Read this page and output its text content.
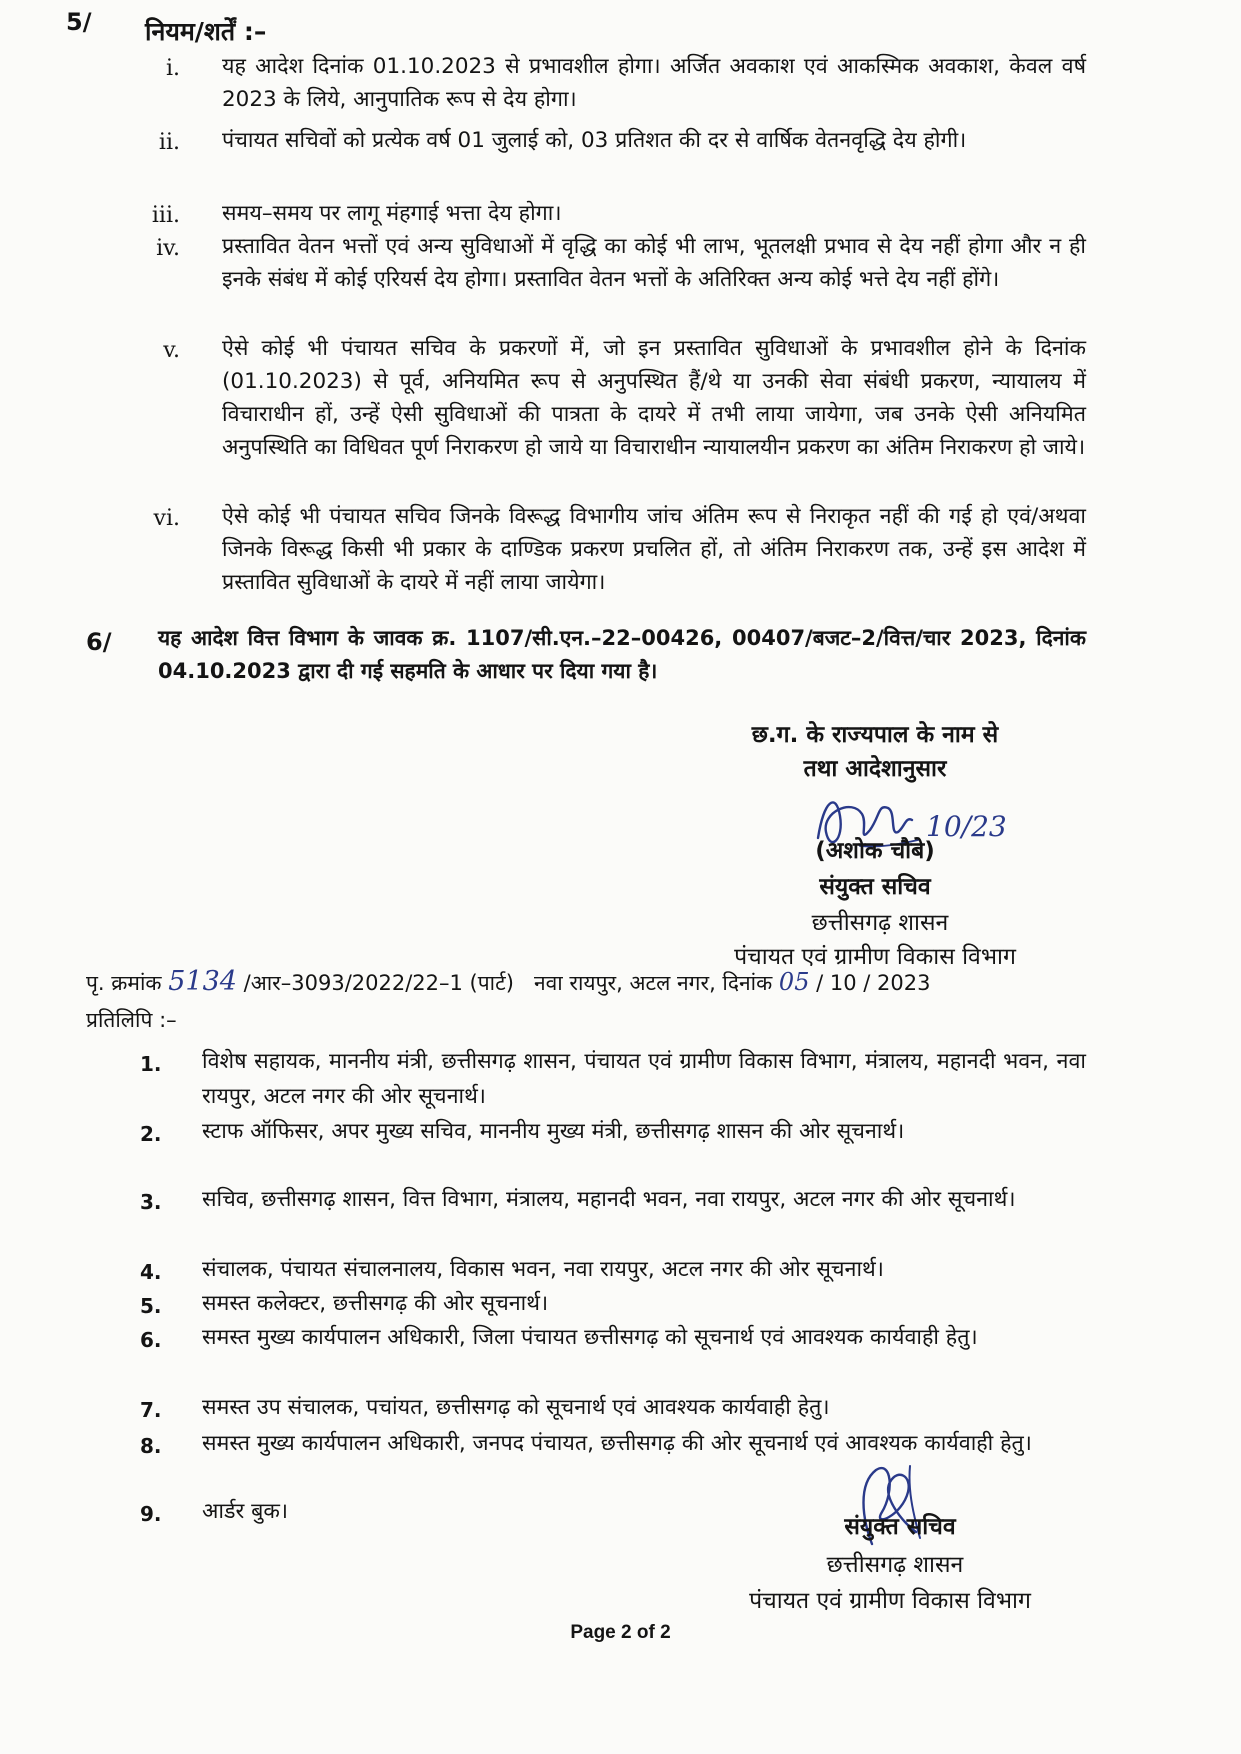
5/ नियम/शर्तें :–
i. यह आदेश दिनांक 01.10.2023 से प्रभावशील होगा। अर्जित अवकाश एवं आकस्मिक अवकाश, केवल वर्ष 2023 के लिये, आनुपातिक रूप से देय होगा।
ii. पंचायत सचिवों को प्रत्येक वर्ष 01 जुलाई को, 03 प्रतिशत की दर से वार्षिक वेतनवृद्धि देय होगी।
iii. समय–समय पर लागू मंहगाई भत्ता देय होगा।
iv. प्रस्तावित वेतन भत्तों एवं अन्य सुविधाओं में वृद्धि का कोई भी लाभ, भूतलक्षी प्रभाव से देय नहीं होगा और न ही इनके संबंध में कोई एरियर्स देय होगा। प्रस्तावित वेतन भत्तों के अतिरिक्त अन्य कोई भत्ते देय नहीं होंगे।
v. ऐसे कोई भी पंचायत सचिव के प्रकरणों में, जो इन प्रस्तावित सुविधाओं के प्रभावशील होने के दिनांक (01.10.2023) से पूर्व, अनियमित रूप से अनुपस्थित हैं/थे या उनकी सेवा संबंधी प्रकरण, न्यायालय में विचाराधीन हों, उन्हें ऐसी सुविधाओं की पात्रता के दायरे में तभी लाया जायेगा, जब उनके ऐसी अनियमित अनुपस्थिति का विधिवत पूर्ण निराकरण हो जाये या विचाराधीन न्यायालयीन प्रकरण का अंतिम निराकरण हो जाये।
vi. ऐसे कोई भी पंचायत सचिव जिनके विरूद्ध विभागीय जांच अंतिम रूप से निराकृत नहीं की गई हो एवं/अथवा जिनके विरूद्ध किसी भी प्रकार के दाण्डिक प्रकरण प्रचलित हों, तो अंतिम निराकरण तक, उन्हें इस आदेश में प्रस्तावित सुविधाओं के दायरे में नहीं लाया जायेगा।
6/ यह आदेश वित्त विभाग के जावक क्र. 1107/सी.एन.–22–00426, 00407/बजट–2/वित्त/चार 2023, दिनांक 04.10.2023 द्वारा दी गई सहमति के आधार पर दिया गया है।
छ.ग. के राज्यपाल के नाम से
तथा आदेशानुसार
10/23
(अशोक चौबे)
संयुक्त सचिव
छत्तीसगढ़ शासन
पंचायत एवं ग्रामीण विकास विभाग
पृ. क्रमांक 5134 /आर–3093/2022/22–1 (पार्ट) नवा रायपुर, अटल नगर, दिनांक 05 / 10 / 2023
प्रतिलिपि :–
1.	विशेष सहायक, माननीय मंत्री, छत्तीसगढ़ शासन, पंचायत एवं ग्रामीण विकास विभाग, मंत्रालय, महानदी भवन, नवा रायपुर, अटल नगर की ओर सूचनार्थ।
2.	स्टाफ ऑफिसर, अपर मुख्य सचिव, माननीय मुख्य मंत्री, छत्तीसगढ़ शासन की ओर सूचनार्थ।
3.	सचिव, छत्तीसगढ़ शासन, वित्त विभाग, मंत्रालय, महानदी भवन, नवा रायपुर, अटल नगर की ओर सूचनार्थ।
4.	संचालक, पंचायत संचालनालय, विकास भवन, नवा रायपुर, अटल नगर की ओर सूचनार्थ।
5.	समस्त कलेक्टर, छत्तीसगढ़ की ओर सूचनार्थ।
6.	समस्त मुख्य कार्यपालन अधिकारी, जिला पंचायत छत्तीसगढ़ को सूचनार्थ एवं आवश्यक कार्यवाही हेतु।
7.	समस्त उप संचालक, पचांयत, छत्तीसगढ़ को सूचनार्थ एवं आवश्यक कार्यवाही हेतु।
8.	समस्त मुख्य कार्यपालन अधिकारी, जनपद पंचायत, छत्तीसगढ़ की ओर सूचनार्थ एवं आवश्यक कार्यवाही हेतु।
9.	आर्डर बुक।
संयुक्त सचिव
छत्तीसगढ़ शासन
पंचायत एवं ग्रामीण विकास विभाग
Page 2 of 2
